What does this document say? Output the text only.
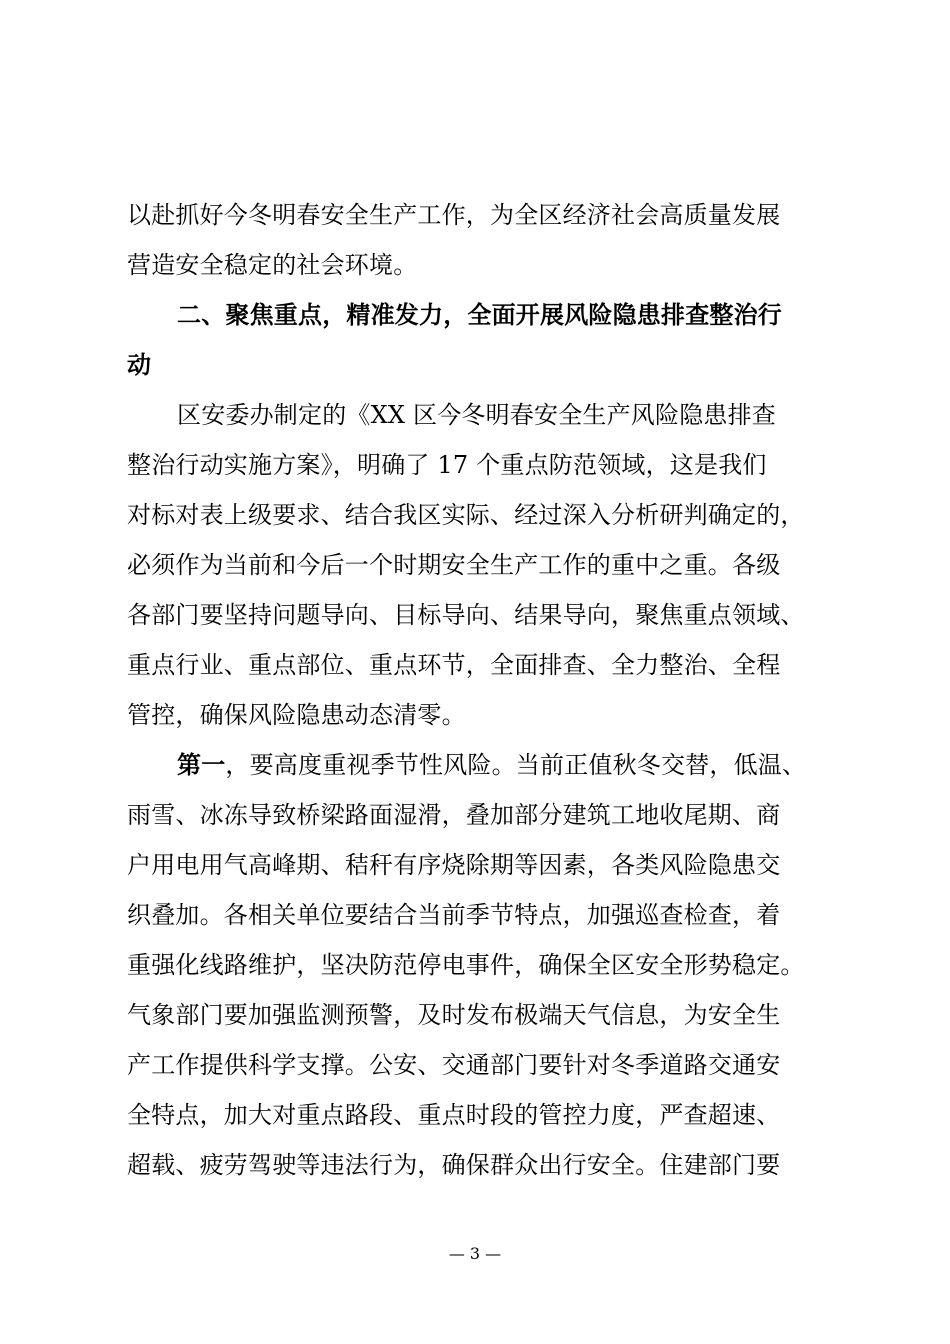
以赴抓好今冬明春安全生产工作，为全区经济社会高质量发展
营造安全稳定的社会环境。
二、聚焦重点，精准发力，全面开展风险隐患排查整治行
动
区安委办制定的《XX 区今冬明春安全生产风险隐患排查
整治行动实施方案》，明确了 17 个重点防范领域，这是我们
对标对表上级要求、结合我区实际、经过深入分析研判确定的，
必须作为当前和今后一个时期安全生产工作的重中之重。各级
各部门要坚持问题导向、目标导向、结果导向，聚焦重点领域、
重点行业、重点部位、重点环节，全面排查、全力整治、全程
管控，确保风险隐患动态清零。
第一，要高度重视季节性风险。当前正值秋冬交替，低温、
雨雪、冰冻导致桥梁路面湿滑，叠加部分建筑工地收尾期、商
户用电用气高峰期、秸秆有序烧除期等因素，各类风险隐患交
织叠加。各相关单位要结合当前季节特点，加强巡查检查，着
重强化线路维护，坚决防范停电事件，确保全区安全形势稳定。
气象部门要加强监测预警，及时发布极端天气信息，为安全生
产工作提供科学支撑。公安、交通部门要针对冬季道路交通安
全特点，加大对重点路段、重点时段的管控力度，严查超速、
超载、疲劳驾驶等违法行为，确保群众出行安全。住建部门要
— 3 —
